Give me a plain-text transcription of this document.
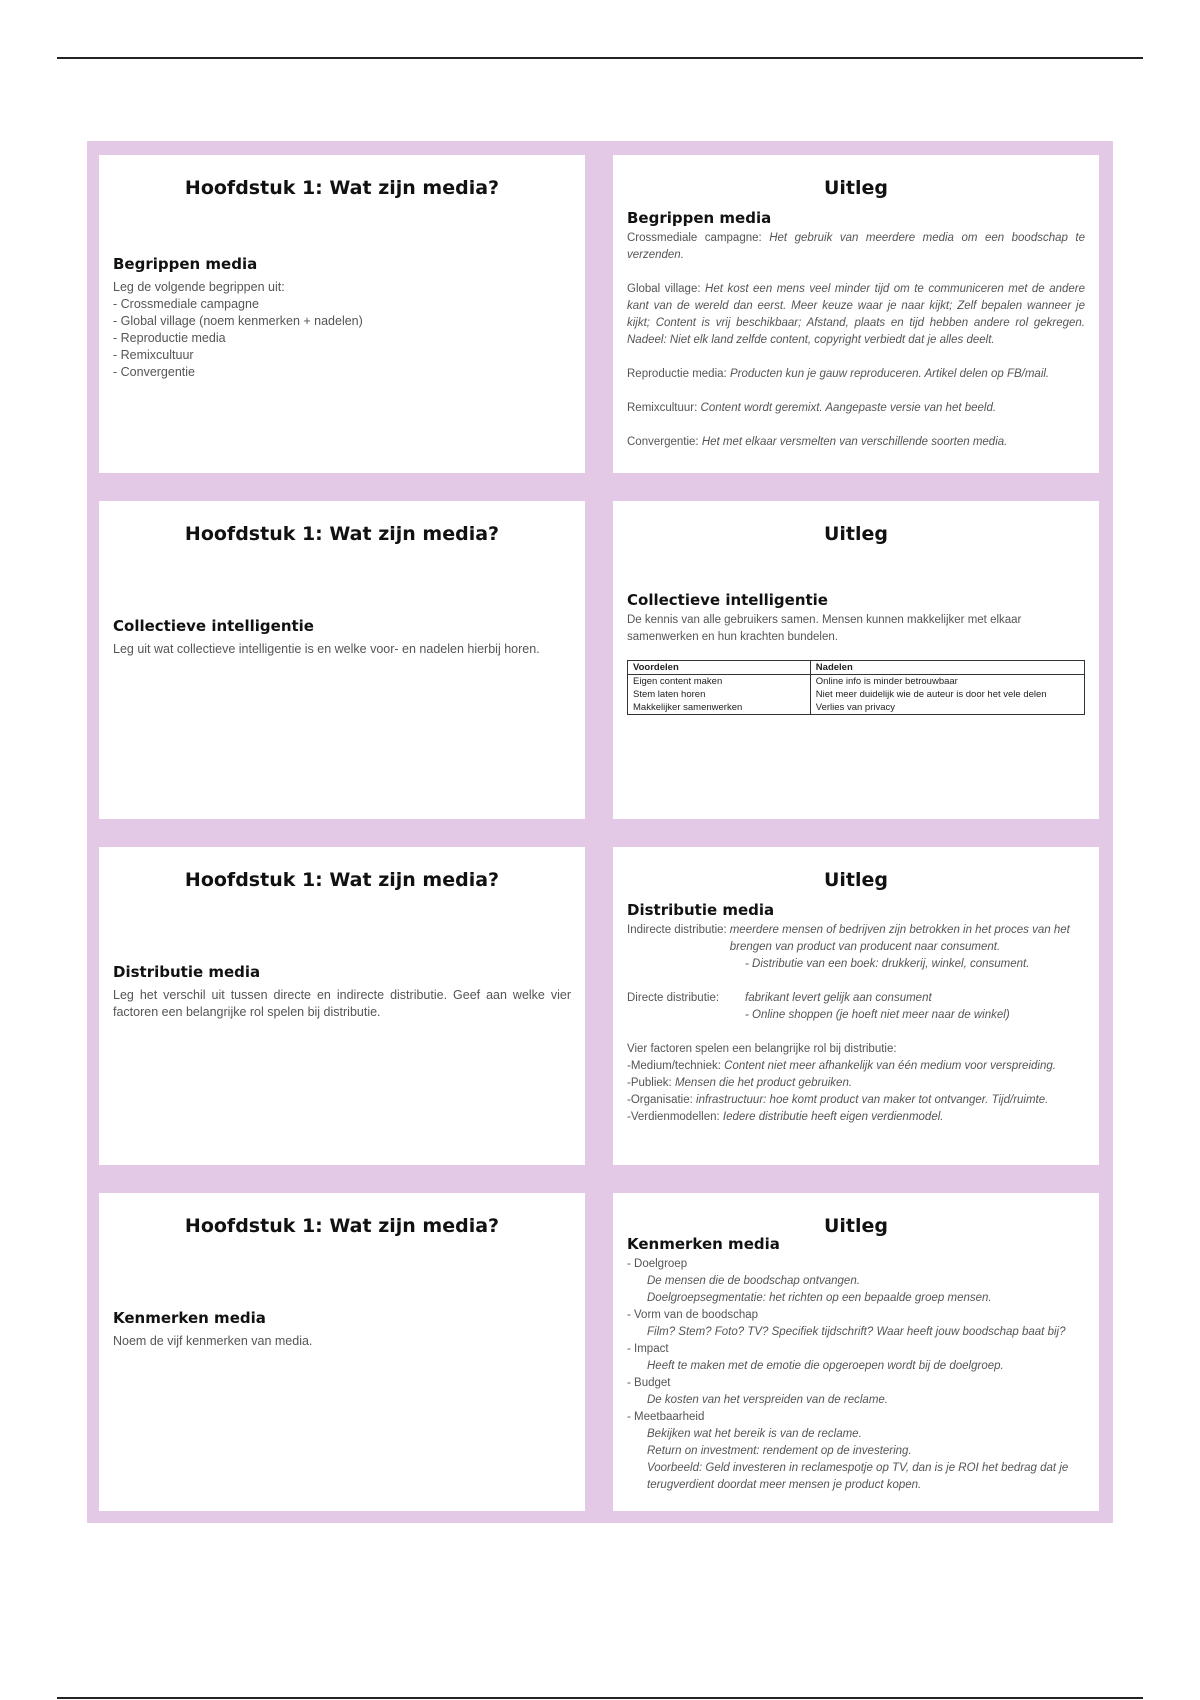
Hoofdstuk 1: Wat zijn media?
Begrippen media
Leg de volgende begrippen uit:
- Crossmediale campagne
- Global village (noem kenmerken + nadelen)
- Reproductie media
- Remixcultuur
- Convergentie
Uitleg
Begrippen media

Crossmediale campagne: Het gebruik van meerdere media om een boodschap te verzenden.

Global village: Het kost een mens veel minder tijd om te communiceren met de andere kant van de wereld dan eerst. Meer keuze waar je naar kijkt; Zelf bepalen wanneer je kijkt; Content is vrij beschikbaar; Afstand, plaats en tijd hebben andere rol gekregen. Nadeel: Niet elk land zelfde content, copyright verbiedt dat je alles deelt.

Reproductie media: Producten kun je gauw reproduceren. Artikel delen op FB/mail.

Remixcultuur: Content wordt geremixt. Aangepaste versie van het beeld.

Convergentie: Het met elkaar versmelten van verschillende soorten media.

Hoofdstuk 1: Wat zijn media?
Collectieve intelligentie
Leg uit wat collectieve intelligentie is en welke voor- en nadelen hierbij horen.
Uitleg
Collectieve intelligentie

De kennis van alle gebruikers samen. Mensen kunnen makkelijker met elkaar samenwerken en hun krachten bundelen.

Voordelen	Nadelen
Eigen content maken	Online info is minder betrouwbaar
Stem laten horen	Niet meer duidelijk wie de auteur is door het vele delen
Makkelijker samenwerken	Verlies van privacy
Hoofdstuk 1: Wat zijn media?
Distributie media
Leg het verschil uit tussen directe en indirecte distributie. Geef aan welke vier factoren een belangrijke rol spelen bij distributie.
Uitleg
Distributie media
Indirecte distributie: meerdere mensen of bedrijven zijn betrokken in het proces van het brengen van product van producent naar consument.
- Distributie van een boek: drukkerij, winkel, consument.
Directe distributie:	fabrikant levert gelijk aan consument
- Online shoppen (je hoeft niet meer naar de winkel)
Vier factoren spelen een belangrijke rol bij distributie:
-Medium/techniek: Content niet meer afhankelijk van één medium voor verspreiding.
-Publiek: Mensen die het product gebruiken.
-Organisatie: infrastructuur: hoe komt product van maker tot ontvanger. Tijd/ruimte.
-Verdienmodellen: Iedere distributie heeft eigen verdienmodel.
Hoofdstuk 1: Wat zijn media?
Kenmerken media
Noem de vijf kenmerken van media.
Uitleg
Kenmerken media
- Doelgroep
De mensen die de boodschap ontvangen.
Doelgroepsegmentatie: het richten op een bepaalde groep mensen.
- Vorm van de boodschap
Film? Stem? Foto? TV? Specifiek tijdschrift? Waar heeft jouw boodschap baat bij?
- Impact
Heeft te maken met de emotie die opgeroepen wordt bij de doelgroep.
- Budget
De kosten van het verspreiden van de reclame.
- Meetbaarheid
Bekijken wat het bereik is van de reclame.
Return on investment: rendement op de investering.
Voorbeeld: Geld investeren in reclamespotje op TV, dan is je ROI het bedrag dat je terugverdient doordat meer mensen je product kopen.
